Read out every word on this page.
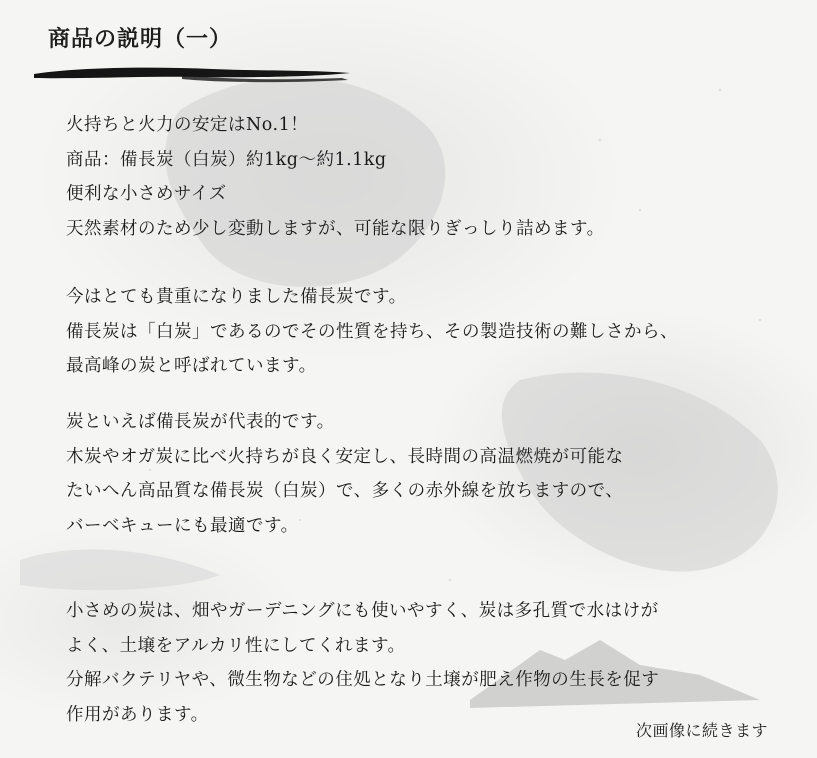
商品の説明（一）
火持ちと火力の安定はNo.1！
商品：備長炭（白炭）約1kg～約1.1kg
便利な小さめサイズ
天然素材のため少し変動しますが、可能な限りぎっしり詰めます。
今はとても貴重になりました備長炭です。
備長炭は「白炭」であるのでその性質を持ち、その製造技術の難しさから、
最高峰の炭と呼ばれています。
炭といえば備長炭が代表的です。
木炭やオガ炭に比べ火持ちが良く安定し、長時間の高温燃焼が可能な
たいへん高品質な備長炭（白炭）で、多くの赤外線を放ちますので、
バーベキューにも最適です。
小さめの炭は、畑やガーデニングにも使いやすく、炭は多孔質で水はけが
よく、土壌をアルカリ性にしてくれます。
分解バクテリヤや、微生物などの住処となり土壌が肥え作物の生長を促す
作用があります。
次画像に続きます
